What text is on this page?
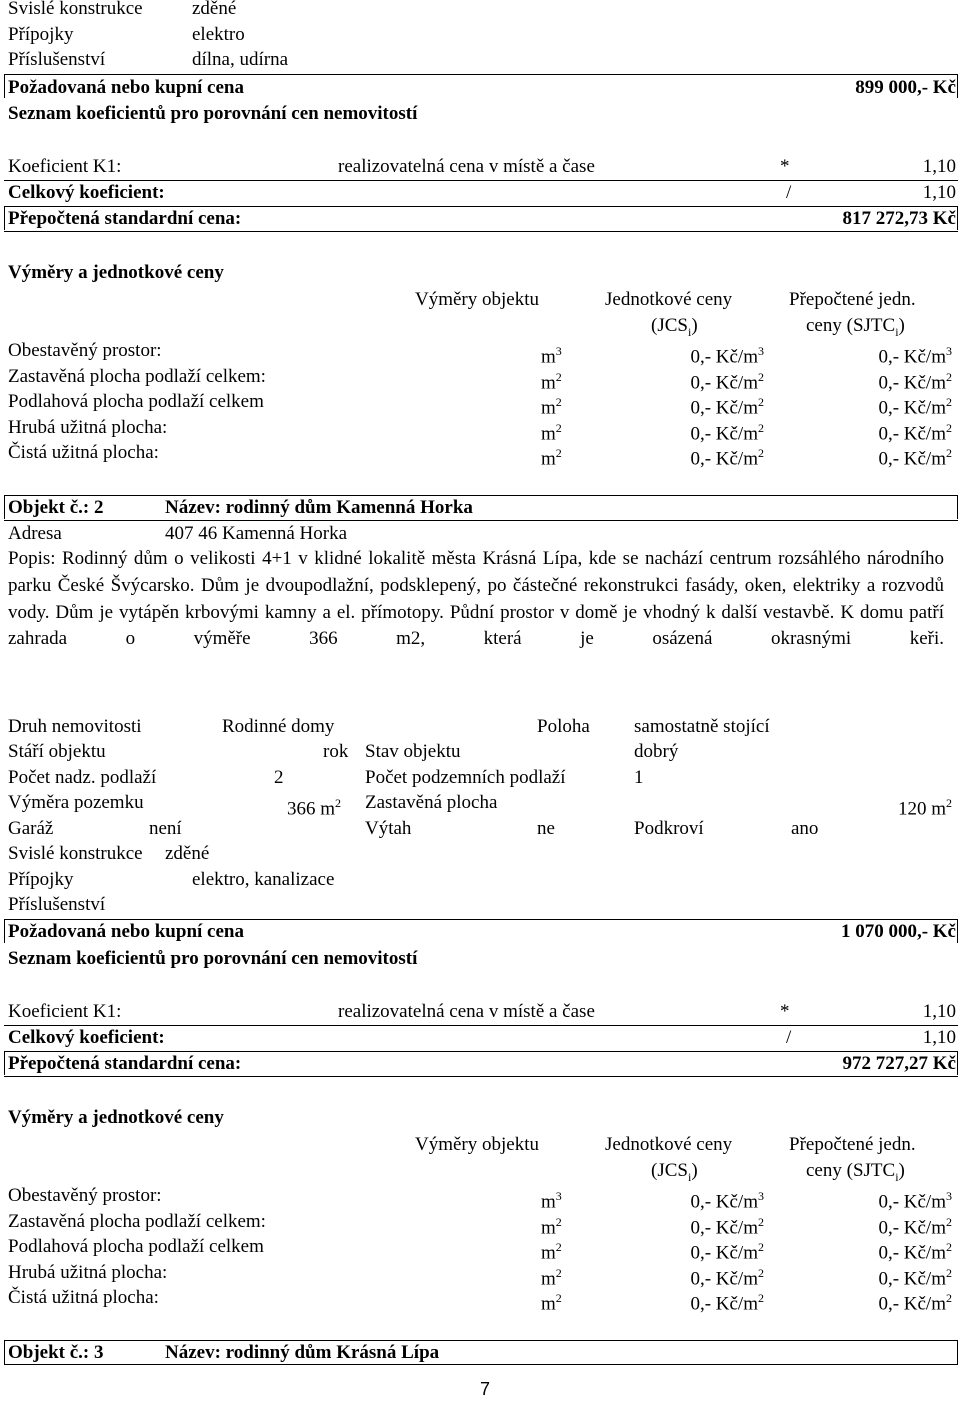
Svislé konstrukce	zděné
Přípojky	elektro
Příslušenství	dílna, udírna
Požadovaná nebo kupní cena	899 000,- Kč
Seznam koeficientů pro porovnání cen nemovitostí
Koeficient K1:	realizovatelná cena v místě a čase	*	1,10
Celkový koeficient:	/	1,10
Přepočtená standardní cena:	817 272,73 Kč
Výměry a jednotkové ceny
Výměry objektu	Jednotkové ceny	Přepočtené jedn.
$(JCS_i)$	ceny $(SJTC_i)$
Obestavěný prostor:	$m^3$	0,- $Kč/m^3$	0,- $Kč/m^3$
Zastavěná plocha podlaží celkem:	$m^2$	0,- $Kč/m^2$	0,- $Kč/m^2$
Podlahová plocha podlaží celkem	$m^2$	0,- $Kč/m^2$	0,- $Kč/m^2$
Hrubá užitná plocha:	$m^2$	0,- $Kč/m^2$	0,- $Kč/m^2$
Čistá užitná plocha:	$m^2$	0,- $Kč/m^2$	0,- $Kč/m^2$
Objekt č.: 2	Název: rodinný dům Kamenná Horka
Adresa	407 46 Kamenná Horka
Popis: Rodinný dům o velikosti 4+1 v klidné lokalitě města Krásná Lípa, kde se nachází centrum rozsáhlého národního parku České Švýcarsko. Dům je dvoupodlažní, podsklepený, po částečné rekonstrukci fasády, oken, elektriky a rozvodů vody. Dům je vytápěn krbovými kamny a el. přímotopy. Půdní prostor v domě je vhodný k další vestavbě. K domu patří zahrada o výměře 366 m2, která je osázená okrasnými keři.
Druh nemovitosti	Rodinné domy	Poloha samostatně stojící
Stáří objektu	rok Stav objektu	dobrý
Počet nadz. podlaží	2	Počet podzemních podlaží	1
Výměra pozemku	366 $m^2$ Zastavěná plocha	120 $m^2$
Garáž	není	Výtah	ne	Podkroví	ano
Svislé konstrukce zděné
Přípojky	elektro, kanalizace
Příslušenství
Požadovaná nebo kupní cena	1 070 000,- Kč
Seznam koeficientů pro porovnání cen nemovitostí
Koeficient K1:	realizovatelná cena v místě a čase	*	1,10
Celkový koeficient:	/	1,10
Přepočtená standardní cena:	972 727,27 Kč
Výměry a jednotkové ceny
Výměry objektu	Jednotkové ceny	Přepočtené jedn.
$(JCS_i)$	ceny $(SJTC_i)$
Obestavěný prostor:	$m^3$	0,- $Kč/m^3$	0,- $Kč/m^3$
Zastavěná plocha podlaží celkem:	$m^2$	0,- $Kč/m^2$	0,- $Kč/m^2$
Podlahová plocha podlaží celkem	$m^2$	0,- $Kč/m^2$	0,- $Kč/m^2$
Hrubá užitná plocha:	$m^2$	0,- $Kč/m^2$	0,- $Kč/m^2$
Čistá užitná plocha:	$m^2$	0,- $Kč/m^2$	0,- $Kč/m^2$
Objekt č.: 3	Název: rodinný dům Krásná Lípa
7
